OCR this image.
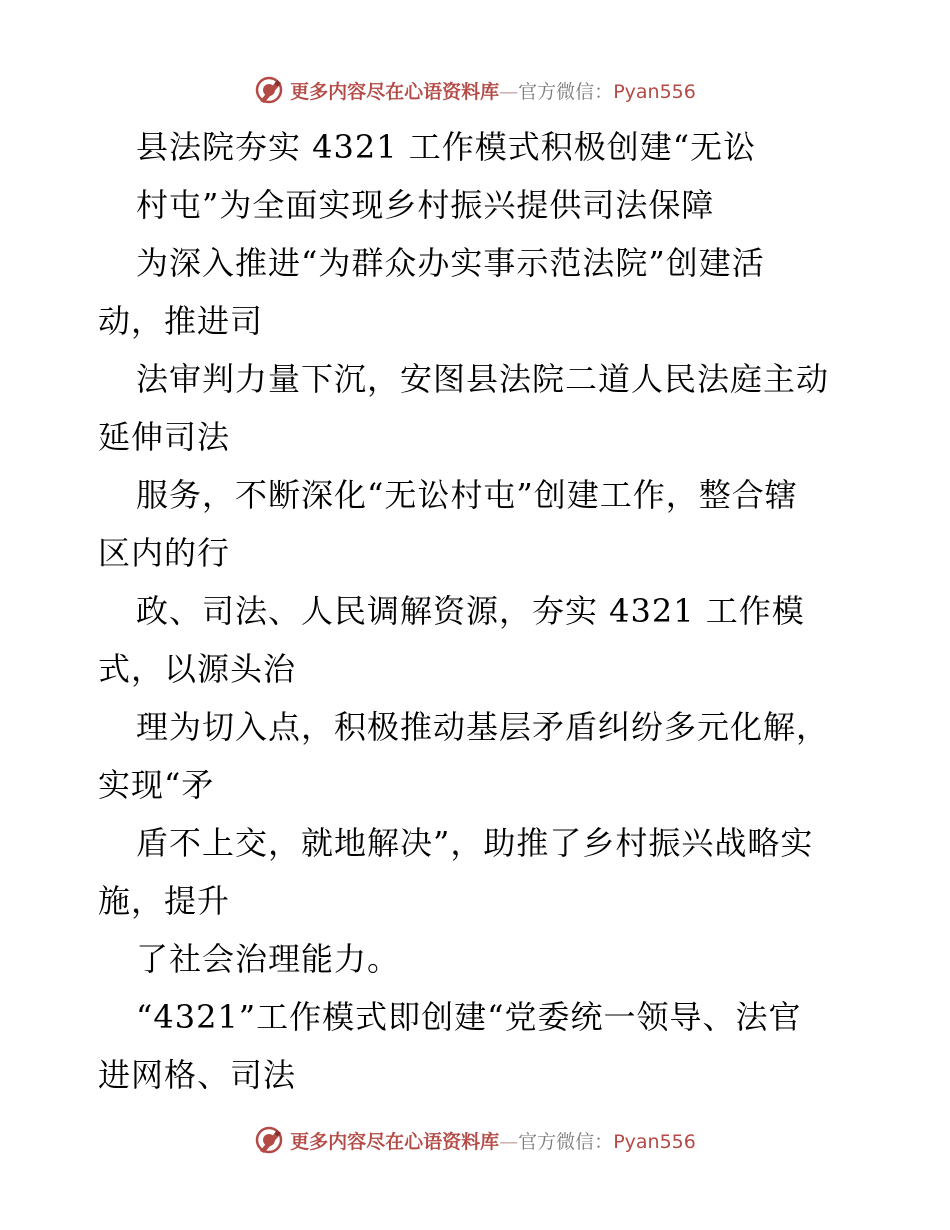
更多内容尽在心语资料库—官方微信：Pyan556
县法院夯实 4321 工作模式积极创建“无讼
村屯”为全面实现乡村振兴提供司法保障
为深入推进“为群众办实事示范法院”创建活
动，推进司
法审判力量下沉，安图县法院二道人民法庭主动
延伸司法
服务，不断深化“无讼村屯”创建工作，整合辖
区内的行
政、司法、人民调解资源，夯实 4321 工作模
式，以源头治
理为切入点，积极推动基层矛盾纠纷多元化解，
实现“矛
盾不上交，就地解决”，助推了乡村振兴战略实
施，提升
了社会治理能力。
“4321”工作模式即创建“党委统一领导、法官
进网格、司法
更多内容尽在心语资料库—官方微信：Pyan556
